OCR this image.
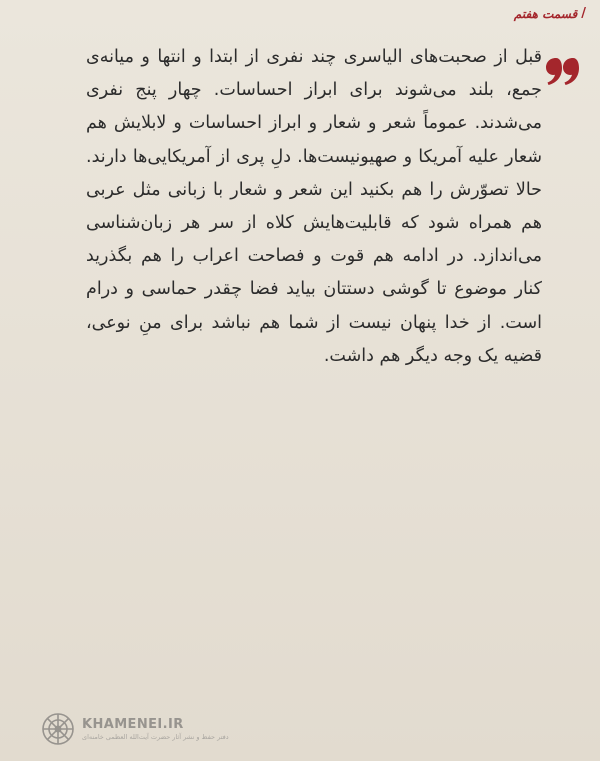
/
قسمت هفتم

قبل از صحبت‌های الیاسری چند نفری از ابتدا و انتها و میانه‌ی جمع، بلند می‌شوند برای ابراز احساسات. چهار پنج نفری می‌شدند. عموماً شعر و شعار و ابراز احساسات و لابلایش هم شعار علیه آمریکا و صهیونیست‌ها. دلِ پری از آمریکایی‌ها دارند. حالا تصوّرش را هم بکنید این شعر و شعار با زبانی مثل عربی هم همراه شود که قابلیت‌هایش کلاه از سر هر زبان‌شناسی می‌اندازد. در ادامه هم قوت و فصاحت اعراب را هم بگذرید کنار موضوع تا گوشی دستتان بیاید فضا چقدر حماسی و درام است. از خدا پنهان نیست از شما هم نباشد برای منِ نوعی، قضیه یک وجه دیگر هم داشت.

KHAMENEI.IR
دفتر حفظ و نشر آثار حضرت آیت‌الله العظمی خامنه‌ای
